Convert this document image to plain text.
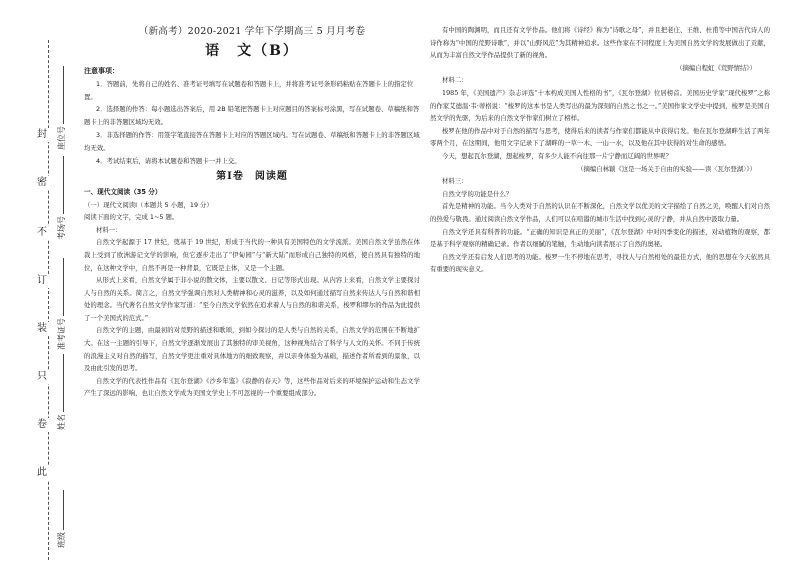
封
密
不
订
装
只
卷
此
座位号
考场号
准考证号
姓名
班级
（新高考）2020-2021 学年下学期高三 5 月月考卷
语　文（B）
注意事项：

1．答题前，先将自己的姓名、准考证号填写在试题卷和答题卡上，并将准考证号条形码粘贴在答题卡上的指定位置。

2．选择题的作答：每小题选出答案后，用 2B 铅笔把答题卡上对应题目的答案标号涂黑，写在试题卷、草稿纸和答题卡上的非答题区域均无效。

3．非选择题的作答：用签字笔直接答在答题卡上对应的答题区域内。写在试题卷、草稿纸和答题卡上的非答题区域均无效。

4．考试结束后，请将本试题卷和答题卡一并上交。

第Ⅰ卷　阅读题
一、现代文阅读（35 分）
（一）现代文阅读Ⅰ（本题共 5 小题，19 分）
阅读下面的文字，完成 1~5 题。
材料一：

自然文学起源于 17 世纪，奠基于 19 世纪，形成于当代的一种具有美国特色的文学流派。美国自然文学虽然在体裁上受到了欧洲游记文学的影响，但它逐步走出了“伊甸园”与“新大陆”而形成自己独特的风格，使自然具有独特的地位，在这种文学中，自然不再是一种背景，它既是主体，又是一个主题。

从形式上来看，自然文学属于非小说的散文体，主要以散文、日记等形式出现。从内容上来看，自然文学主要探讨人与自然的关系。简言之，自然文学强调自然对人类精神和心灵的滋养，以及如何通过描写自然来传达人与自然和谐相处的理念。当代著名自然文学作家写道：“至今自然文学依然在追求着人与自然的和谐关系，梭罗和缪尔的作品为此提供了一个美国式的范式。”

自然文学的主题，由最初的对荒野的描述和歌颂，到如今探讨的是人类与自然的关系，自然文学的范围在不断地扩大。在这一主题的引导下，自然文学逐渐发展出了其独特的审美视角，这种视角结合了科学与人文的关怀。不同于传统的浪漫主义对自然的描写，自然文学更注重对具体地方的细致观察，并以亲身体验为基础，描述作者所看到的景象，以及由此引发的思考。

自然文学的代表性作品有《瓦尔登湖》《沙乡年鉴》《寂静的春天》等，这些作品对后来的环境保护运动和生态文学产生了深远的影响，也让自然文学成为美国文学史上不可忽视的一个重要组成部分。

有中国的陶渊明，而且还有文学作品。他们将《诗经》称为“诗歌之母”，并且把老庄、王维、杜甫等中国古代诗人的诗作称为“中国的荒野诗歌”，并以“山野风范”为其精神追求。这些作家在不同程度上为美国自然文学的发展做出了贡献，从而为丰富自然文学作品提供了新的视角。

（摘编自程虹《荒野情结》）
材料二：

1985 年，《美国遗产》杂志评选“十本构成美国人性格的书”，《瓦尔登湖》位居榜首。美国历史学家“现代梭罗”之称的作家艾德温·韦·蒂格说：“梭罗的这本书是人类写出的最为深刻的自然之书之一。”美国作家文学史中提到，梭罗是美国自然文学的先驱，为后来的自然文学作家们树立了榜样。

梭罗在他的作品中对于自然的描写与思考，使得后来的读者与作家们都能从中获得启发。他在瓦尔登湖畔生活了两年零两个月，在这期间，他用文字记录下了湖畔的一草一木、一山一水，以及他在其中获得的对生命的感悟。

今天，想起瓦尔登湖，想起梭罗，有多少人能不向往那一片宁静而辽阔的世界呢？

（摘编自林颖《这是一场关于自由的实验——读〈瓦尔登湖〉》）
材料三：

自然文学的功能是什么？

首先是精神的功能。当今人类对于自然的认识在不断深化，自然文学以优美的文字描绘了自然之美，唤醒人们对自然的热爱与敬畏。通过阅读自然文学作品，人们可以在喧嚣的城市生活中找到心灵的宁静，并从自然中汲取力量。

自然文学还具有科普的功能。“正确的知识是真正的美丽”，《瓦尔登湖》中对四季变化的描述，对动植物的观察，都是基于科学观察的精确记录。作者以细腻的笔触，生动地向读者展示了自然的奥秘。

自然文学还有启发人们思考的功能。梭罗一生不停地在思考，寻找人与自然相处的最佳方式，他的思想在今天依然具有重要的现实意义。
